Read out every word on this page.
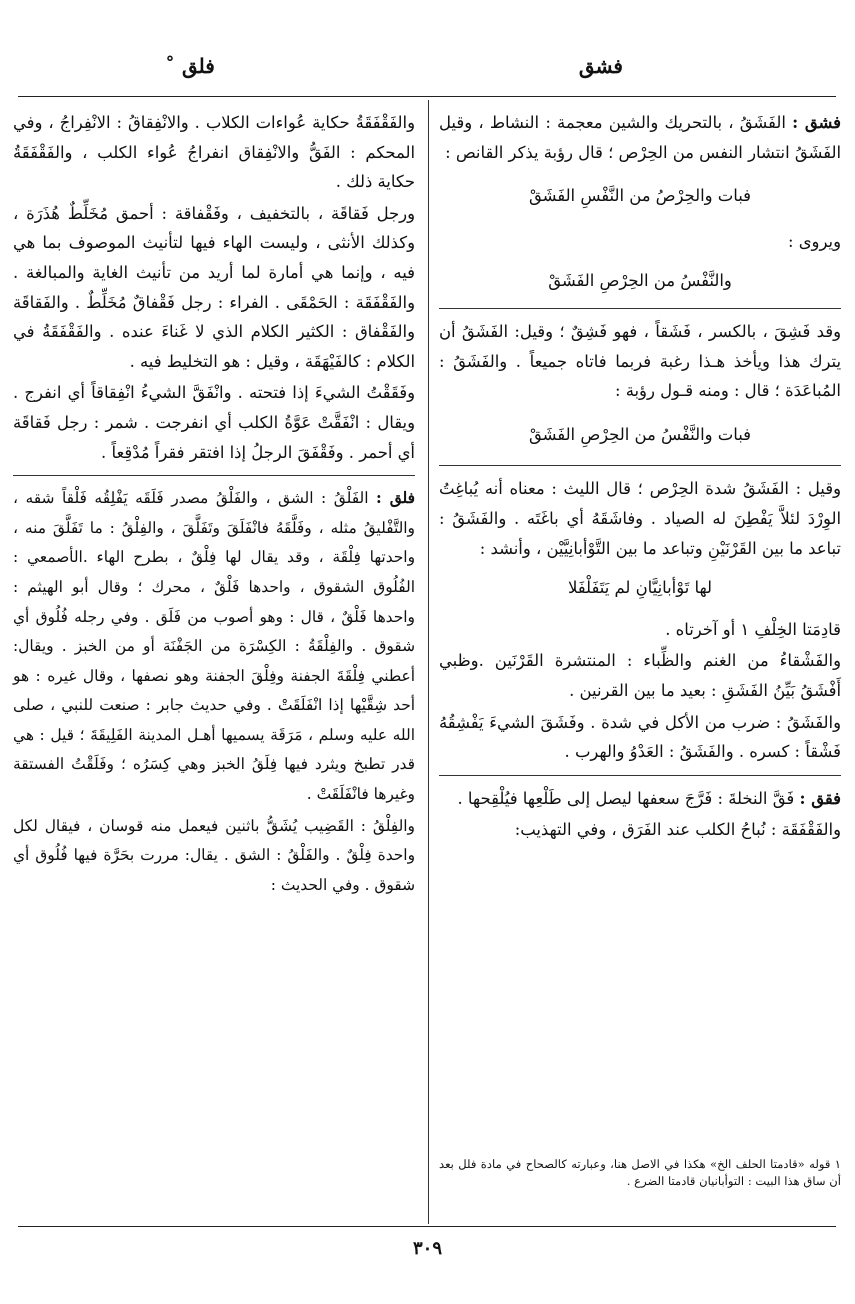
فشق
فلق ˚

فشق : الفَشَقُ ، بالتحريك والشين معجمة : النشاط ، وقيل الفَشَقُ انتشار النفس من الحِرْص ؛ قال رؤبة يذكر القانص :

فبات والحِرْصُ من النَّفْسِ الفَشَقْ

ويروى :

والنَّفْسُ من الحِرْصِ الفَشَقْ

وقد فَشِقَ ، بالكسر ، فَشَقاً ، فهو فَشِقٌ ؛ وقيل: الفَشَقُ أن يترك هذا ويأخذ هـذا رغبة فربما فاتاه جميعاً . والفَشَقُ : المُباعَدَة ؛ قال : ومنه قـول رؤبة :

فبات والنَّفْسُ من الحِرْصِ الفَشَقْ

وقيل : الفَشَقُ شدة الحِرْص ؛ قال الليث : معناه أنه يُباغِتُ الوِرْدَ لئلاَّ يَفْطِنَ له الصياد . وفاشَقَهُ أي باغَتَه . والفَشَقُ : تباعد ما بين القَرْنَيْنِ وتباعد ما بين التَّوْأبانِيَّيْن ، وأنشد :

لها تَوْأبانِيَّانِ لم يَتَفَلْفَلا

قادِمَتا الخِلْفِ ١ أو آخرتاه .

والفَشْقاءُ من الغنم والظِّباء : المنتشرة القَرْنَين .وظبي أَفْشَقُ بَيِّنُ الفَشَقِ : بعيد ما بين القرنين .

والفَشَقُ : ضرب من الأكل في شدة . وفَشَقَ الشيءَ يَفْشِقُهُ فَشْقاً : كسره . والفَشَقُ : العَدْوُ والهرب .

فقق : فَقَّ النخلةَ : فَرَّجَ سعفها ليصل إلى طَلْعِها فيُلْقِحها .

والفَقْفَقَة : نُباحُ الكلب عند الفَرَق ، وفي التهذيب:

١ قوله «قادمتا الحلف الخ» هكذا في الاصل هنا، وعبارته كالصحاح في مادة فلل بعد أن ساق هذا البيت : التوأبانيان قادمتا الضرع .

والفَقْفَقَةُ حكاية عُواءات الكلاب . والانْفِقاقُ : الانْفِراجُ ، وفي المحكم : الفَقُّ والانْفِقاق انفراجُ عُواء الكلب ، والفَقْفَقَةُ حكاية ذلك .

ورجل فَقاقَة ، بالتخفيف ، وفَقْفاقة : أحمق مُخَلِّطٌ هُذَرَة ، وكذلك الأنثى ، وليست الهاء فيها لتأنيث الموصوف بما هي فيه ، وإنما هي أمارة لما أريد من تأنيث الغاية والمبالغة . والفَقْفَقَة : الحَمْقَى . الفراء : رجل فَقْفاقٌ مُخَلِّطٌ . والفَقاقَة والفَقْفاق : الكثير الكلام الذي لا غَناءَ عنده . والفَقْفَقَةُ في الكلام : كالفَيْهَقَة ، وقيل : هو التخليط فيه .

وفَقَقْتُ الشيءَ إذا فتحته . وانْفَقَّ الشيءُ انْفِقاقاً أي انفرج . ويقال : انْفَقَّتْ عَوَّةُ الكلب أي انفرجت . شمر : رجل فَقاقَة أي أحمر . وفَقْفَقَ الرجلُ إذا افتقر فقراً مُدْقِعاً .

فلق : الفَلْقُ : الشق ، والفَلْقُ مصدر فَلَقَه يَفْلِقُه فَلْقاً شقه ، والتَّفْليقُ مثله ، وفَلَّقَهُ فانْفَلَقَ وتَفَلَّقَ ، والفِلْقُ : ما تَفَلَّقَ منه ، واحدتها فِلْقَة ، وقد يقال لها فِلْقٌ ، بطرح الهاء .الأصمعي : الفُلُوق الشقوق ، واحدها فَلْقٌ ، محرك ؛ وقال أبو الهيثم : واحدها فَلْقٌ ، قال : وهو أصوب من فَلَق . وفي رجله فُلُوق أي شقوق . والفِلْقَةُ : الكِسْرَة من الجَفْنَة أو من الخبز . ويقال: أعطني فِلْقَةَ الجفنة وفِلْقَ الجفنة وهو نصفها ، وقال غيره : هو أحد شِقَّيْها إذا انْفَلَقَتْ . وفي حديث جابر : صنعت للنبي ، صلى الله عليه وسلم ، مَرَقَة يسميها أهـل المدينة الفَلِيقَةَ ؛ قيل : هي قدر تطبخ ويثرد فيها فِلَقُ الخبز وهي كِسَرُه ؛ وفَلَقْتُ الفستقة وغيرها فانْفَلَقَتْ .

والفِلْقُ : القَضِيب يُشَقُّ باثنين فيعمل منه قوسان ، فيقال لكل واحدة فِلْقٌ . والفَلْقُ : الشق . يقال: مررت بحَرَّة فيها فُلُوق أي شقوق . وفي الحديث :

٣٠٩
